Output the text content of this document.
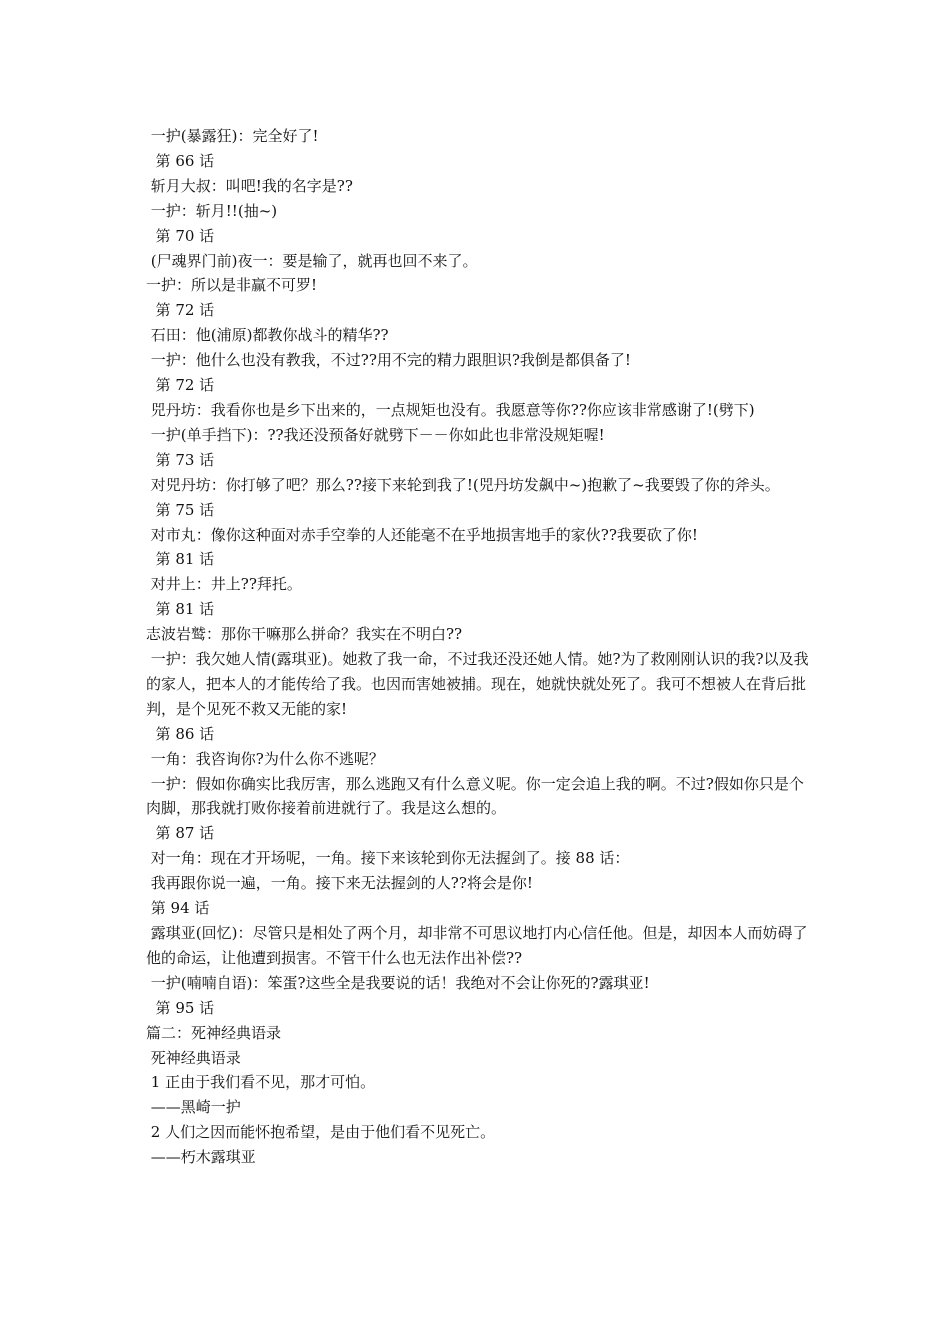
一护(暴露狂)：完全好了!
第 66 话
斩月大叔：叫吧!我的名字是??
一护：斩月!!(抽~)
第 70 话
(尸魂界门前)夜一：要是输了，就再也回不来了。
一护：所以是非赢不可罗!
第 72 话
石田：他(浦原)都教你战斗的精华??
一护：他什么也没有教我，不过??用不完的精力跟胆识?我倒是都俱备了!
第 72 话
兕丹坊：我看你也是乡下出来的，一点规矩也没有。我愿意等你??你应该非常感谢了!(劈下)
一护(单手挡下)：??我还没预备好就劈下－－你如此也非常没规矩喔!
第 73 话
对兕丹坊：你打够了吧？那么??接下来轮到我了!(兕丹坊发飙中~)抱歉了~我要毁了你的斧头。
第 75 话
对市丸：像你这种面对赤手空拳的人还能毫不在乎地损害地手的家伙??我要砍了你!
第 81 话
对井上：井上??拜托。
第 81 话
志波岩鹫：那你干嘛那么拼命？我实在不明白??
一护：我欠她人情(露琪亚)。她救了我一命，不过我还没还她人情。她?为了救刚刚认识的我?以及我的家人，把本人的才能传给了我。也因而害她被捕。现在，她就快就处死了。我可不想被人在背后批判，是个见死不救又无能的家!
第 86 话
一角：我咨询你?为什么你不逃呢？
一护：假如你确实比我厉害，那么逃跑又有什么意义呢。你一定会追上我的啊。不过?假如你只是个肉脚，那我就打败你接着前进就行了。我是这么想的。
第 87 话
对一角：现在才开场呢，一角。接下来该轮到你无法握剑了。接 88 话：
我再跟你说一遍，一角。接下来无法握剑的人??将会是你!
第 94 话
露琪亚(回忆)：尽管只是相处了两个月，却非常不可思议地打内心信任他。但是，却因本人而妨碍了他的命运，让他遭到损害。不管干什么也无法作出补偿??
一护(喃喃自语)：笨蛋?这些全是我要说的话！我绝对不会让你死的?露琪亚!
第 95 话
篇二：死神经典语录
死神经典语录
1 正由于我们看不见，那才可怕。
——黑崎一护
2 人们之因而能怀抱希望，是由于他们看不见死亡。
——朽木露琪亚
